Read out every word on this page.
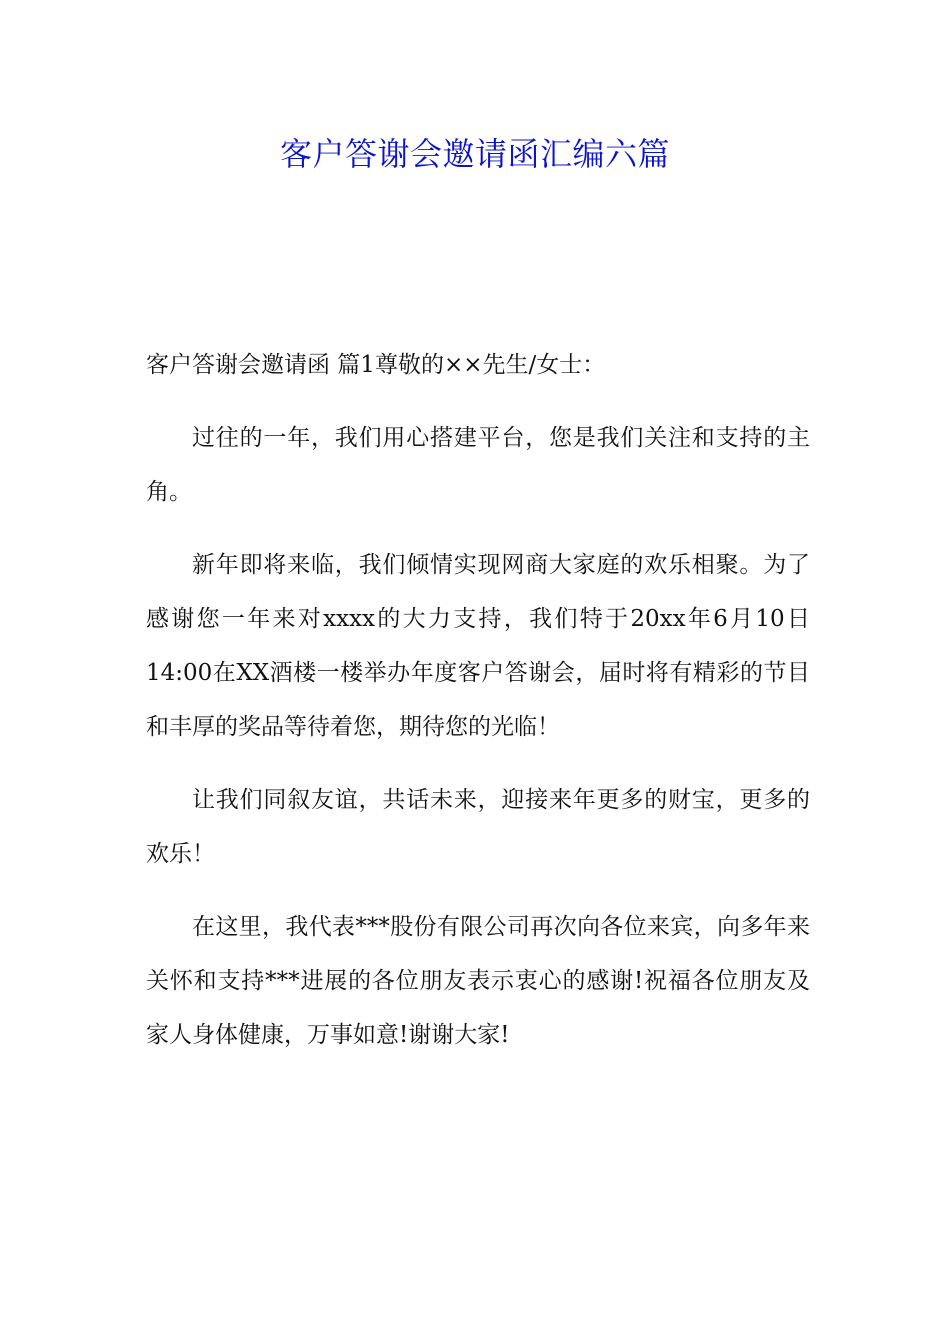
客户答谢会邀请函汇编六篇

客户答谢会邀请函 篇1尊敬的××先生/女士：

过往的一年，我们用心搭建平台，您是我们关注和支持的主角。

新年即将来临，我们倾情实现网商大家庭的欢乐相聚。为了感谢您一年来对xxxx的大力支持，我们特于20xx年6月10日14:00在XX酒楼一楼举办年度客户答谢会，届时将有精彩的节目和丰厚的奖品等待着您，期待您的光临！

让我们同叙友谊，共话未来，迎接来年更多的财宝，更多的欢乐！

在这里，我代表***股份有限公司再次向各位来宾，向多年来关怀和支持***进展的各位朋友表示衷心的感谢!祝福各位朋友及家人身体健康，万事如意!谢谢大家!
